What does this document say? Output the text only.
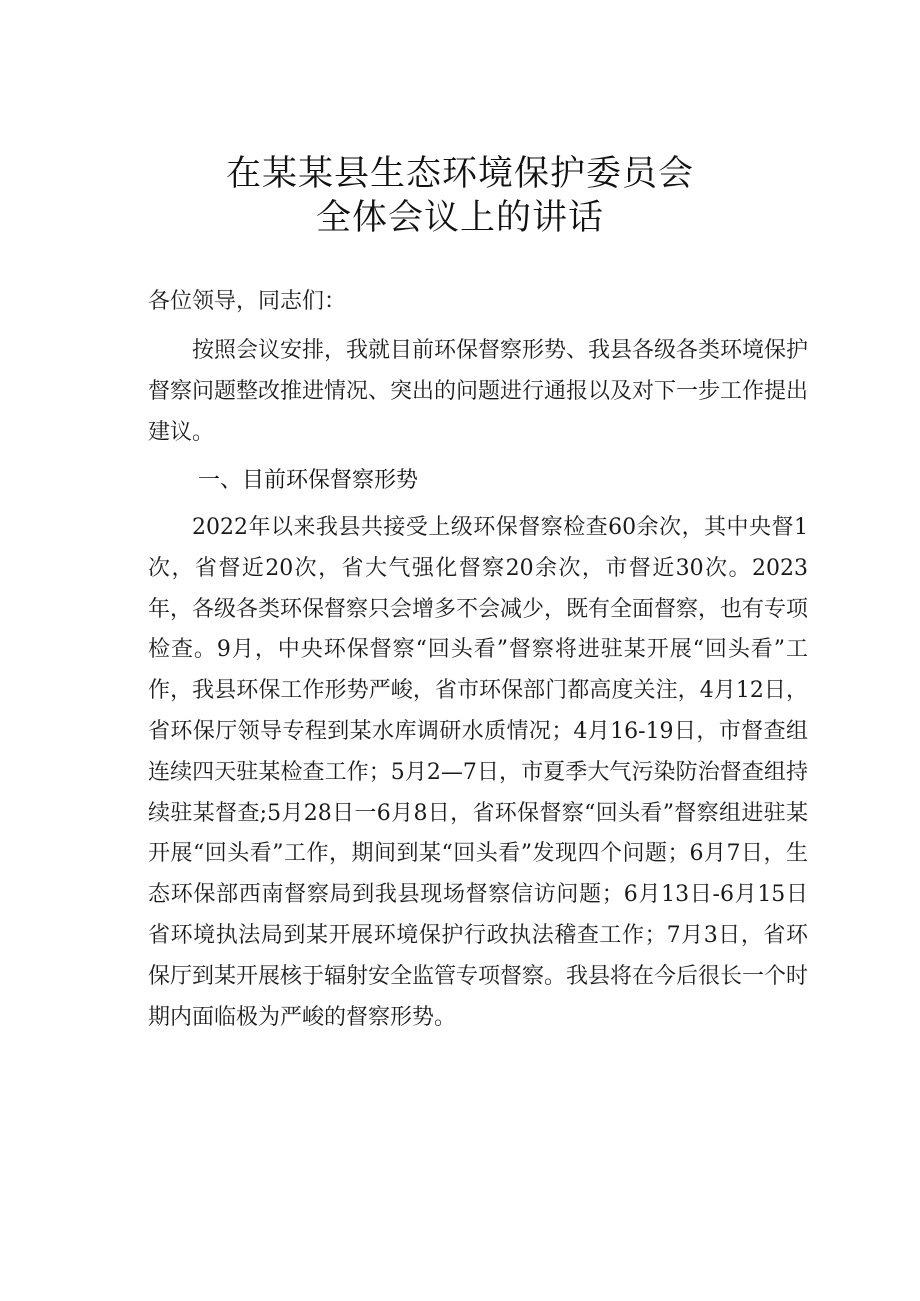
在某某县生态环境保护委员会
全体会议上的讲话
各位领导，同志们：

按照会议安排，我就目前环保督察形势、我县各级各类环境保护督察问题整改推进情况、突出的问题进行通报以及对下一步工作提出建议。

一、目前环保督察形势

2022年以来我县共接受上级环保督察检查60余次，其中央督1次，省督近20次，省大气强化督察20余次，市督近30次。2023年，各级各类环保督察只会增多不会减少，既有全面督察，也有专项检查。9月，中央环保督察“回头看”督察将进驻某开展“回头看”工作，我县环保工作形势严峻，省市环保部门都高度关注，4月12日，省环保厅领导专程到某水库调研水质情况；4月16-19日，市督查组连续四天驻某检查工作；5月2—7日，市夏季大气污染防治督查组持续驻某督查;5月28日一6月8日，省环保督察“回头看”督察组进驻某开展“回头看”工作，期间到某“回头看”发现四个问题；6月7日，生态环保部西南督察局到我县现场督察信访问题；6月13日-6月15日省环境执法局到某开展环境保护行政执法稽查工作；7月3日，省环保厅到某开展核于辐射安全监管专项督察。我县将在今后很长一个时期内面临极为严峻的督察形势。
